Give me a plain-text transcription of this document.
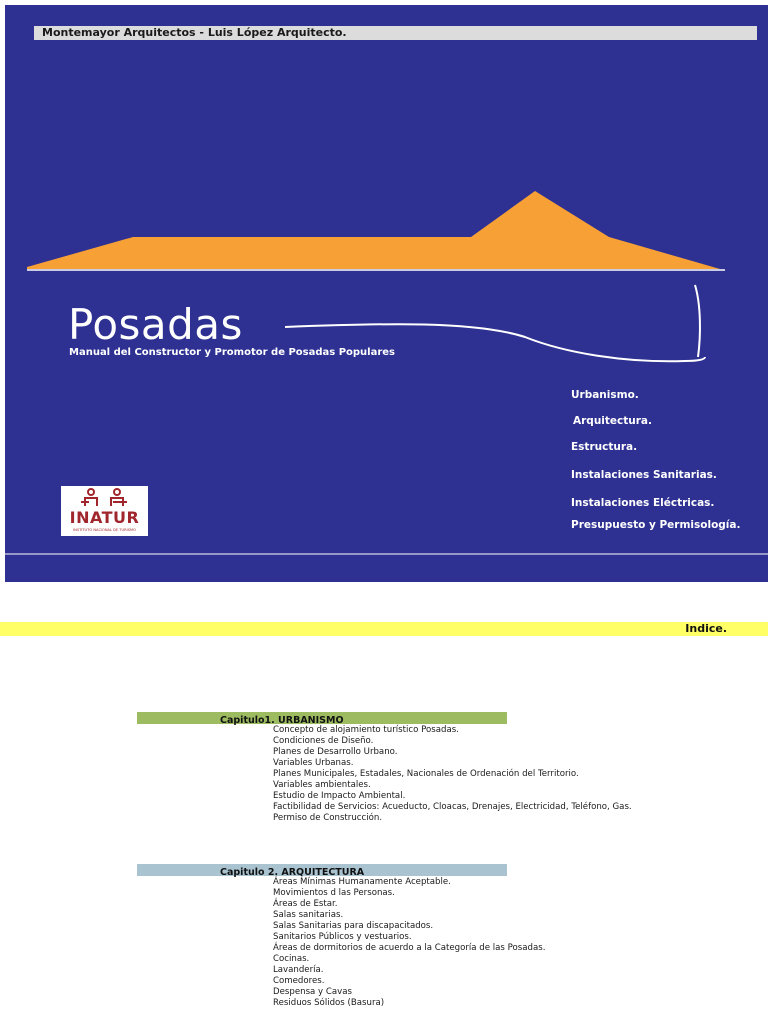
Montemayor Arquitectos - Luis López Arquitecto.
Posadas
Manual del Constructor y Promotor de Posadas Populares
Urbanismo.
Arquitectura.
Estructura.
Instalaciones Sanitarias.
Instalaciones Eléctricas.
Presupuesto y Permisología.
INATUR
INSTITUTO NACIONAL DE TURISMO
Indice.
Capitulo1. URBANISMO
Concepto de alojamiento turístico Posadas.
Condiciones de Diseño.
Planes de Desarrollo Urbano.
Variables Urbanas.
Planes Municipales, Estadales, Nacionales de Ordenación del Territorio.
Variables ambientales.
Estudio de Impacto Ambiental.
Factibilidad de Servicios: Acueducto, Cloacas, Drenajes, Electricidad, Teléfono, Gas.
Permiso de Construcción.
Capitulo 2. ARQUITECTURA
Áreas Mínimas Humanamente Aceptable.
Movimientos d las Personas.
Áreas de Estar.
Salas sanitarias.
Salas Sanitarias para discapacitados.
Sanitarios Públicos y vestuarios.
Áreas de dormitorios de acuerdo a la Categoría de las Posadas.
Cocinas.
Lavandería.
Comedores.
Despensa y Cavas
Residuos Sólidos (Basura)
